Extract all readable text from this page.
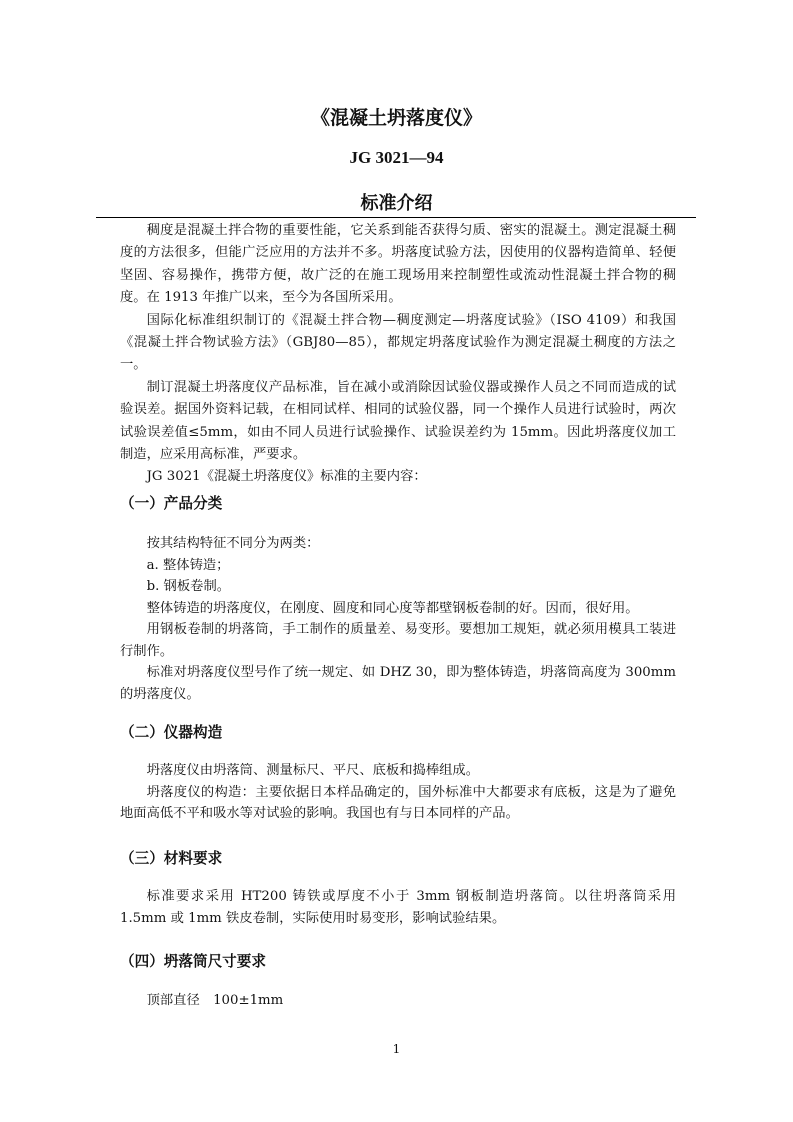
《混凝土坍落度仪》
JG 3021—94
标准介绍

稠度是混凝土拌合物的重要性能，它关系到能否获得匀质、密实的混凝土。测定混凝土稠度的方法很多，但能广泛应用的方法并不多。坍落度试验方法，因使用的仪器构造简单、轻便坚固、容易操作，携带方便，故广泛的在施工现场用来控制塑性或流动性混凝土拌合物的稠度。在 1913 年推广以来，至今为各国所采用。

国际化标准组织制订的《混凝土拌合物—稠度测定—坍落度试验》（ISO 4109）和我国《混凝土拌合物试验方法》（GBJ80—85），都规定坍落度试验作为测定混凝土稠度的方法之一。

制订混凝土坍落度仪产品标准，旨在减小或消除因试验仪器或操作人员之不同而造成的试验误差。据国外资料记载，在相同试样、相同的试验仪器，同一个操作人员进行试验时，两次试验误差值≤5mm，如由不同人员进行试验操作、试验误差约为 15mm。因此坍落度仪加工制造，应采用高标准，严要求。

JG 3021《混凝土坍落度仪》标准的主要内容：

（一）产品分类

按其结构特征不同分为两类：

a. 整体铸造；

b. 钢板卷制。

整体铸造的坍落度仪，在刚度、圆度和同心度等都壁钢板卷制的好。因而，很好用。

用钢板卷制的坍落筒，手工制作的质量差、易变形。要想加工规矩，就必须用模具工装进行制作。

标准对坍落度仪型号作了统一规定、如 DHZ 30，即为整体铸造，坍落筒高度为 300mm 的坍落度仪。

（二）仪器构造

坍落度仪由坍落筒、测量标尺、平尺、底板和捣棒组成。

坍落度仪的构造：主要依据日本样品确定的，国外标准中大都要求有底板，这是为了避免地面高低不平和吸水等对试验的影响。我国也有与日本同样的产品。

（三）材料要求

标准要求采用 HT200 铸铁或厚度不小于 3mm 钢板制造坍落筒。以往坍落筒采用 1.5mm 或 1mm 铁皮卷制，实际使用时易变形，影响试验结果。

（四）坍落筒尺寸要求

顶部直径　100±1mm

1
